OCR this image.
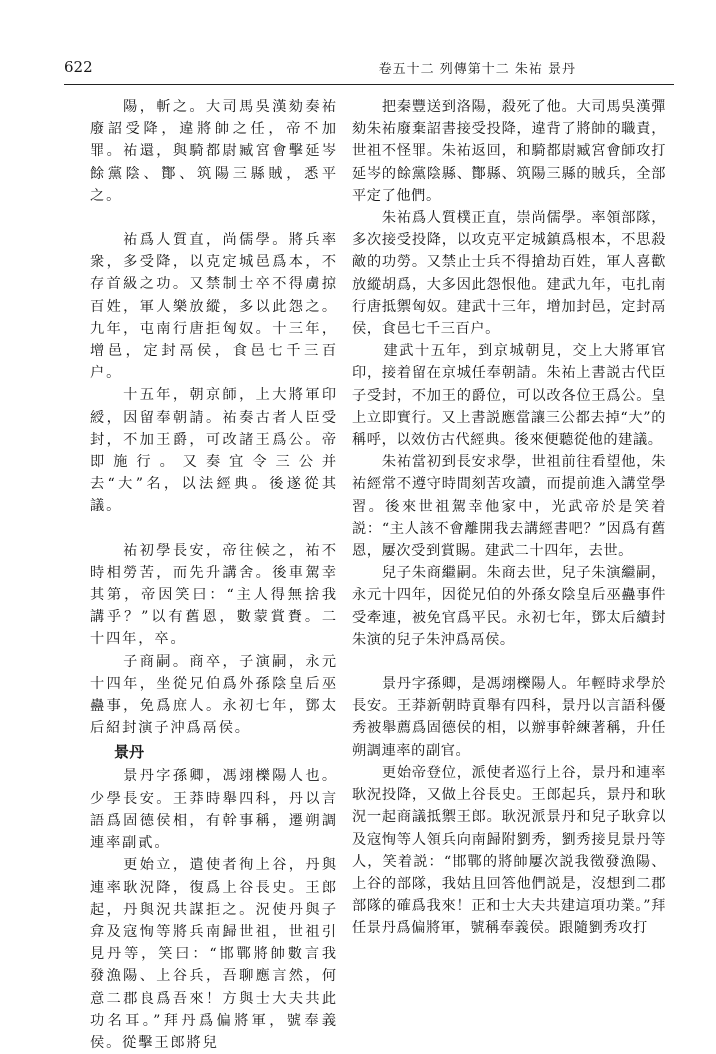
622	卷五十二 列傳第十二 朱祐 景丹

　　陽，斬之。大司馬吳漢劾奏祐廢詔受降，違將帥之任，帝不加罪。祐還，與騎都尉臧宮會擊延岑餘黨陰、酇、筑陽三縣賊，悉平之。

　　祐爲人質直，尚儒學。將兵率衆，多受降，以克定城邑爲本，不存首級之功。又禁制士卒不得虜掠百姓，軍人樂放縱，多以此怨之。九年，屯南行唐拒匈奴。十三年，增邑，定封鬲侯，食邑七千三百户。

　　十五年，朝京師，上大將軍印綬，因留奉朝請。祐奏古者人臣受封，不加王爵，可改諸王爲公。帝即施行。又奏宜令三公并去“大”名，以法經典。後遂從其議。

　　祐初學長安，帝往候之，祐不時相勞苦，而先升講舍。後車駕幸其第，帝因笑曰：“主人得無捨我講乎？”以有舊恩，數蒙賞賚。二十四年，卒。

　　子商嗣。商卒，子演嗣，永元十四年，坐從兄伯爲外孫陰皇后巫蠱事，免爲庶人。永初七年，鄧太后紹封演子沖爲鬲侯。

景丹

　　景丹字孫卿，馮翊櫟陽人也。少學長安。王莽時舉四科，丹以言語爲固德侯相，有幹事稱，遷朔調連率副貳。

　　更始立，遣使者徇上谷，丹與連率耿況降，復爲上谷長史。王郎起，丹與況共謀拒之。況使丹與子弇及寇恂等將兵南歸世祖，世祖引見丹等，笑曰：“邯鄲將帥數言我發漁陽、上谷兵，吾聊應言然，何意二郡良爲吾來！方與士大夫共此功名耳。”拜丹爲偏將軍，號奉義侯。從擊王郎將兒

　　把秦豐送到洛陽，殺死了他。大司馬吳漢彈劾朱祐廢棄詔書接受投降，違背了將帥的職責，世祖不怪罪。朱祐返回，和騎都尉臧宮會師攻打延岑的餘黨陰縣、酇縣、筑陽三縣的賊兵，全部平定了他們。

　　朱祐爲人質樸正直，崇尚儒學。率領部隊，多次接受投降，以攻克平定城鎮爲根本，不思殺敵的功勞。又禁止士兵不得搶劫百姓，軍人喜歡放縱胡爲，大多因此怨恨他。建武九年，屯扎南行唐抵禦匈奴。建武十三年，增加封邑，定封鬲侯，食邑七千三百户。

　　建武十五年，到京城朝見，交上大將軍官印，接着留在京城任奉朝請。朱祐上書説古代臣子受封，不加王的爵位，可以改各位王爲公。皇上立即實行。又上書説應當讓三公都去掉“大”的稱呼，以效仿古代經典。後來便聽從他的建議。

　　朱祐當初到長安求學，世祖前往看望他，朱祐經常不遵守時間刻苦攻讀，而提前進入講堂學習。後來世祖駕幸他家中，光武帝於是笑着説：“主人該不會離開我去講經書吧？”因爲有舊恩，屢次受到賞賜。建武二十四年，去世。

　　兒子朱商繼嗣。朱商去世，兒子朱演繼嗣，永元十四年，因從兄伯的外孫女陰皇后巫蠱事件受牽連，被免官爲平民。永初七年，鄧太后續封朱演的兒子朱沖爲鬲侯。

　　景丹字孫卿，是馮翊櫟陽人。年輕時求學於長安。王莽新朝時貢舉有四科，景丹以言語科優秀被舉薦爲固德侯的相，以辦事幹練著稱，升任朔調連率的副官。

　　更始帝登位，派使者巡行上谷，景丹和連率耿況投降，又做上谷長史。王郎起兵，景丹和耿況一起商議抵禦王郎。耿況派景丹和兒子耿弇以及寇恂等人領兵向南歸附劉秀，劉秀接見景丹等人，笑着説：“邯鄲的將帥屢次説我徵發漁陽、上谷的部隊，我姑且回答他們説是，沒想到二郡部隊的確爲我來！正和士大夫共建這項功業。”拜任景丹爲偏將軍，號稱奉義侯。跟隨劉秀攻打
